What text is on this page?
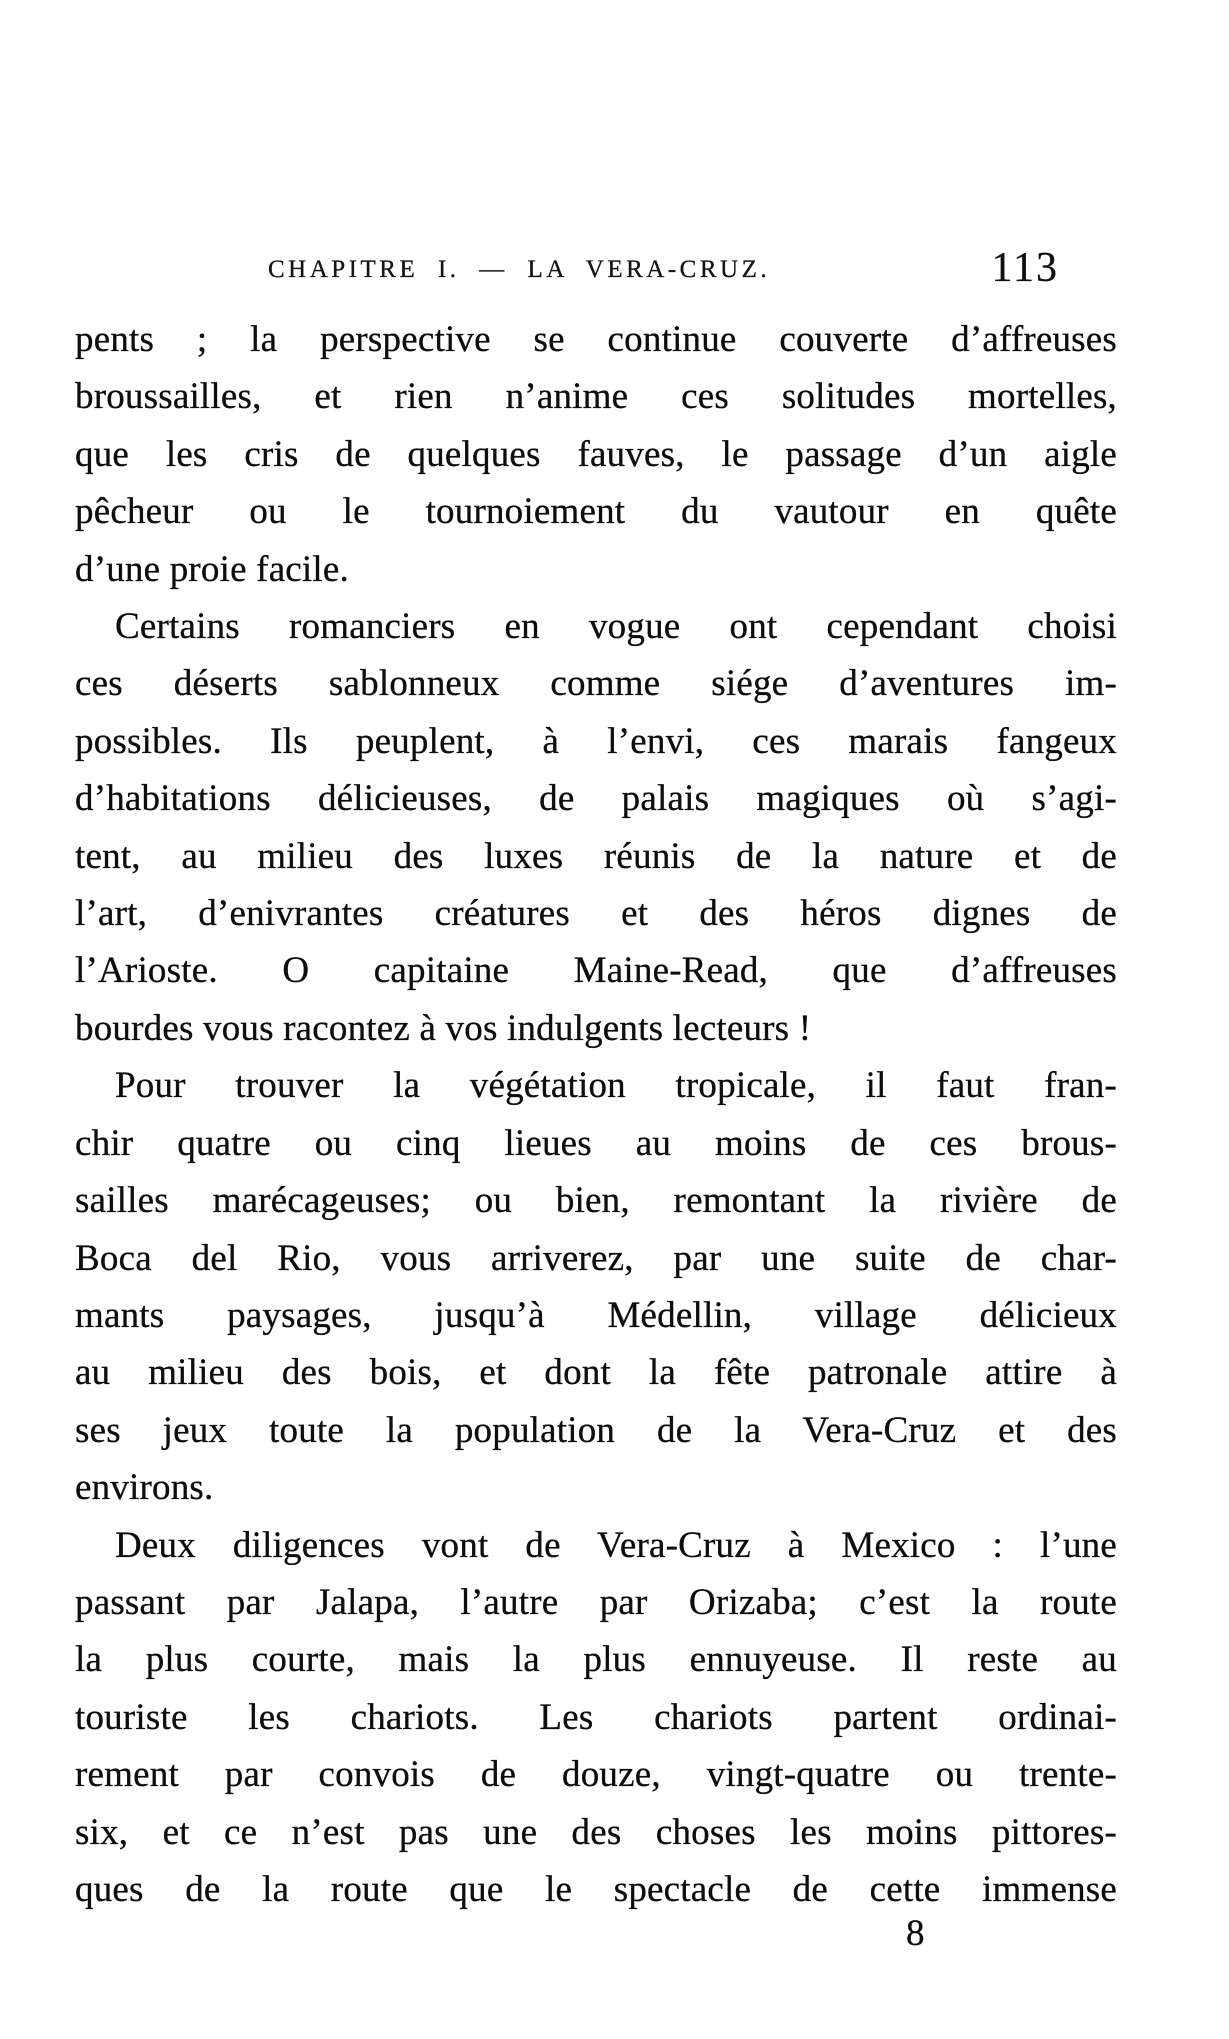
CHAPITRE I. — LA VERA-CRUZ.	113
pents ; la perspective se continue couverte d’affreuses
broussailles, et rien n’anime ces solitudes mortelles,
que les cris de quelques fauves, le passage d’un aigle
pêcheur ou le tournoiement du vautour en quête
d’une proie facile.
Certains romanciers en vogue ont cependant choisi
ces déserts sablonneux comme siége d’aventures im-
possibles. Ils peuplent, à l’envi, ces marais fangeux
d’habitations délicieuses, de palais magiques où s’agi-
tent, au milieu des luxes réunis de la nature et de
l’art, d’enivrantes créatures et des héros dignes de
l’Arioste. O capitaine Maine-Read, que d’affreuses
bourdes vous racontez à vos indulgents lecteurs !
Pour trouver la végétation tropicale, il faut fran-
chir quatre ou cinq lieues au moins de ces brous-
sailles marécageuses; ou bien, remontant la rivière de
Boca del Rio, vous arriverez, par une suite de char-
mants paysages, jusqu’à Médellin, village délicieux
au milieu des bois, et dont la fête patronale attire à
ses jeux toute la population de la Vera-Cruz et des
environs.
Deux diligences vont de Vera-Cruz à Mexico : l’une
passant par Jalapa, l’autre par Orizaba; c’est la route
la plus courte, mais la plus ennuyeuse. Il reste au
touriste les chariots. Les chariots partent ordinai-
rement par convois de douze, vingt-quatre ou trente-
six, et ce n’est pas une des choses les moins pittores-
ques de la route que le spectacle de cette immense
8
